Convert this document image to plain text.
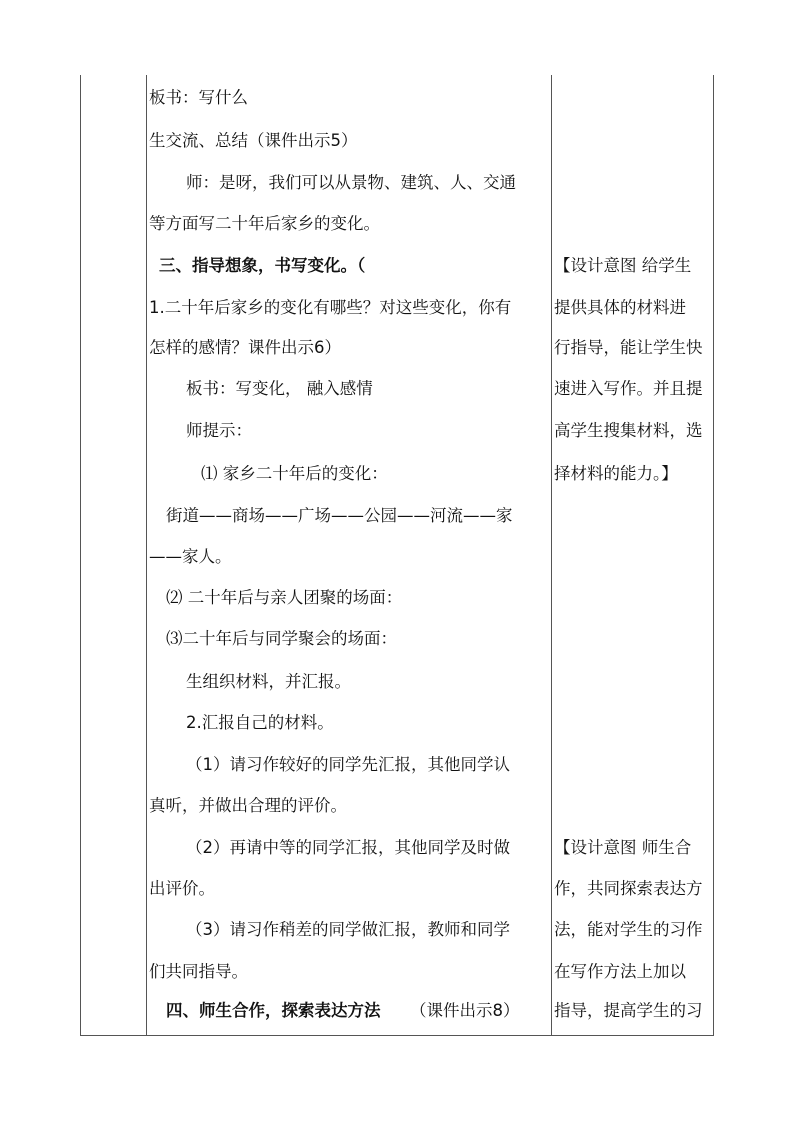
板书：写什么
生交流、总结（课件出示5）
师：是呀，我们可以从景物、建筑、人、交通
等方面写二十年后家乡的变化。
三、指导想象，书写变化。（
1.二十年后家乡的变化有哪些？对这些变化，你有
怎样的感情？课件出示6）
板书：写变化， 融入感情
师提示：
⑴ 家乡二十年后的变化：
街道——商场——广场——公园——河流——家
——家人。
⑵ 二十年后与亲人团聚的场面：
⑶二十年后与同学聚会的场面：
生组织材料，并汇报。
2.汇报自己的材料。
（1）请习作较好的同学先汇报，其他同学认
真听，并做出合理的评价。
（2）再请中等的同学汇报，其他同学及时做
出评价。
（3）请习作稍差的同学做汇报，教师和同学
们共同指导。
四、师生合作，探索表达方法 （课件出示8）
【设计意图 给学生
提供具体的材料进
行指导，能让学生快
速进入写作。并且提
高学生搜集材料，选
择材料的能力。】
【设计意图 师生合
作，共同探索表达方
法，能对学生的习作
在写作方法上加以
指导，提高学生的习
